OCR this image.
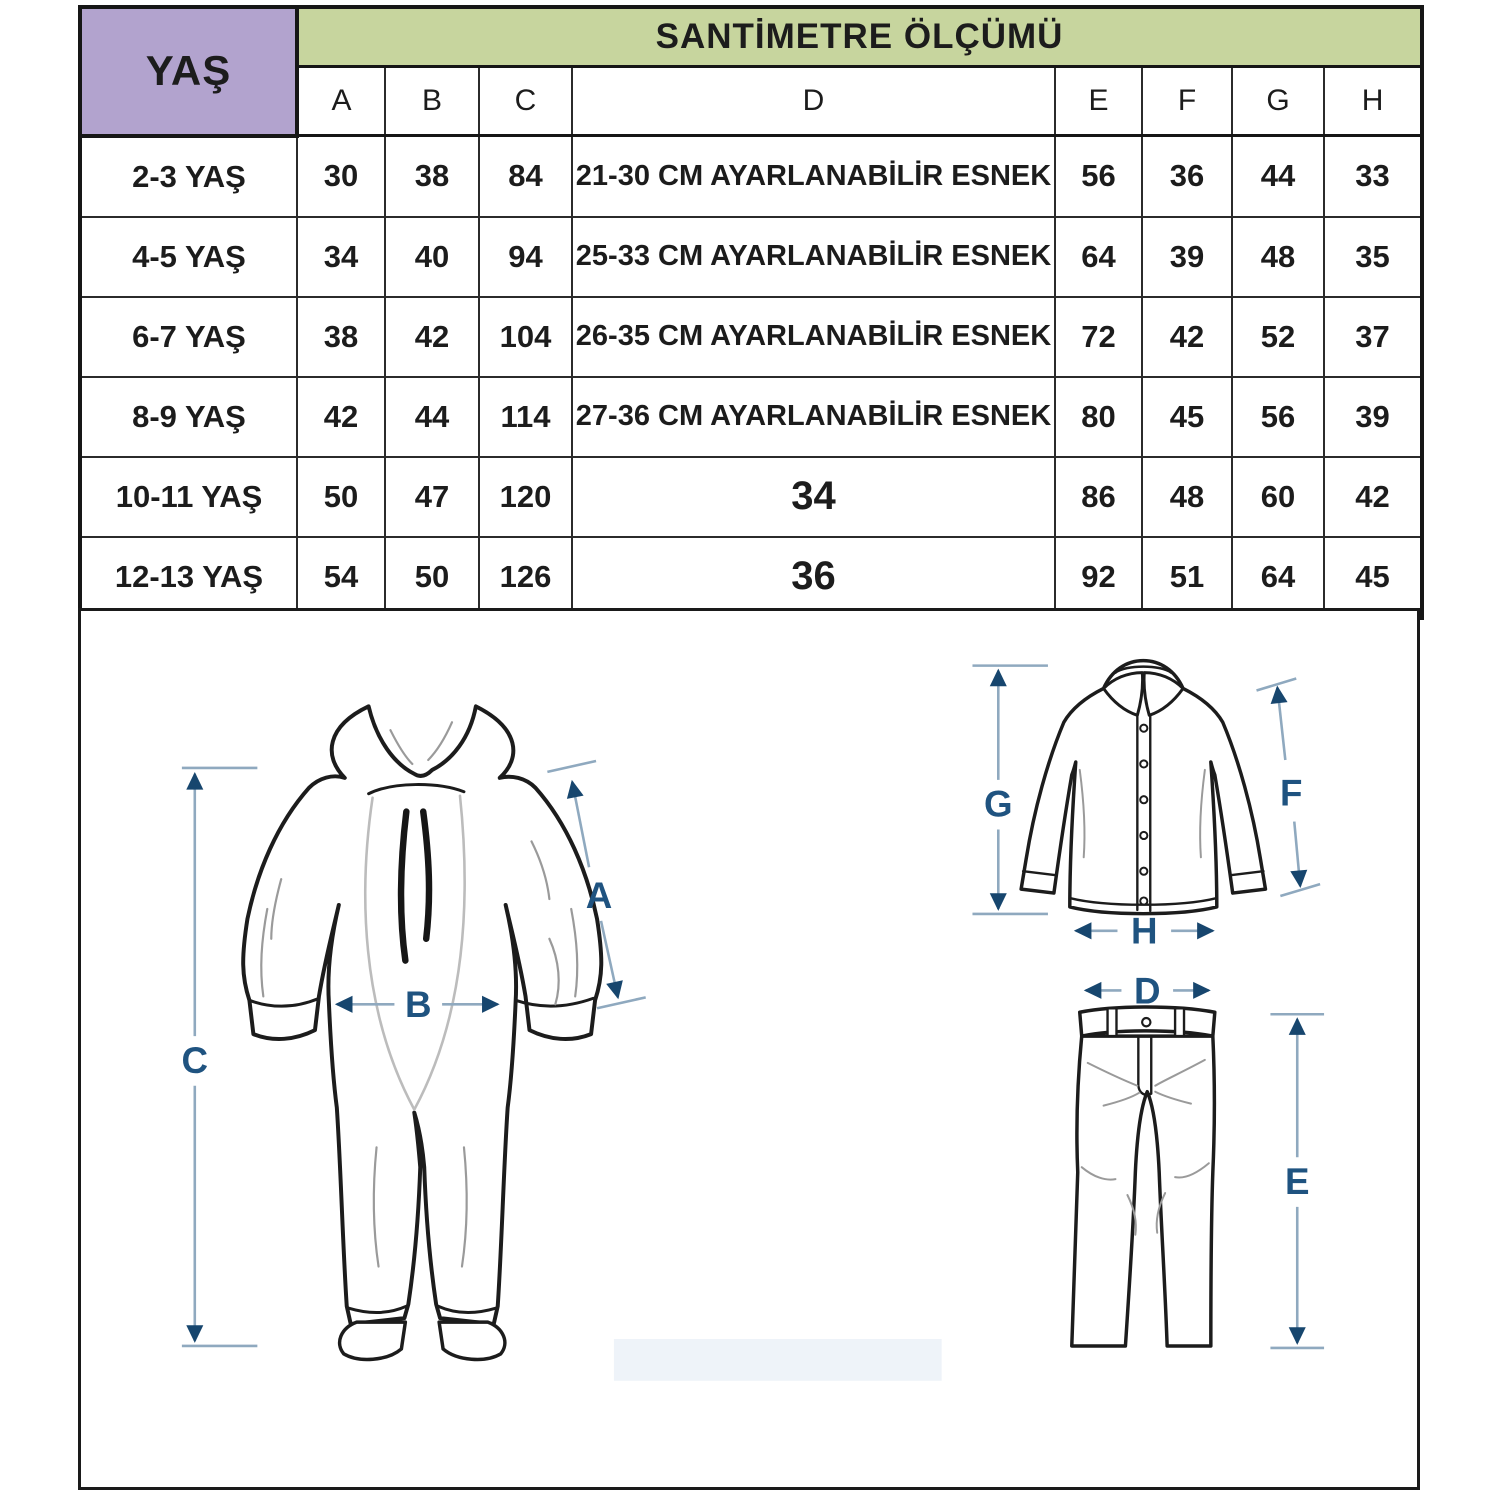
YAŞ	SANTİMETRE ÖLÇÜMÜ							
	A	B	C	D	E	F	G	H
2-3 YAŞ	30	38	84	21-30 CM AYARLANABİLİR ESNEK	56	36	44	33
4-5 YAŞ	34	40	94	25-33 CM AYARLANABİLİR ESNEK	64	39	48	35
6-7 YAŞ	38	42	104	26-35 CM AYARLANABİLİR ESNEK	72	42	52	37
8-9 YAŞ	42	44	114	27-36 CM AYARLANABİLİR ESNEK	80	45	56	39
10-11 YAŞ	50	47	120	34	86	48	60	42
12-13 YAŞ	54	50	126	36	92	51	64	45
A
B
C
G	F
H
D
E
